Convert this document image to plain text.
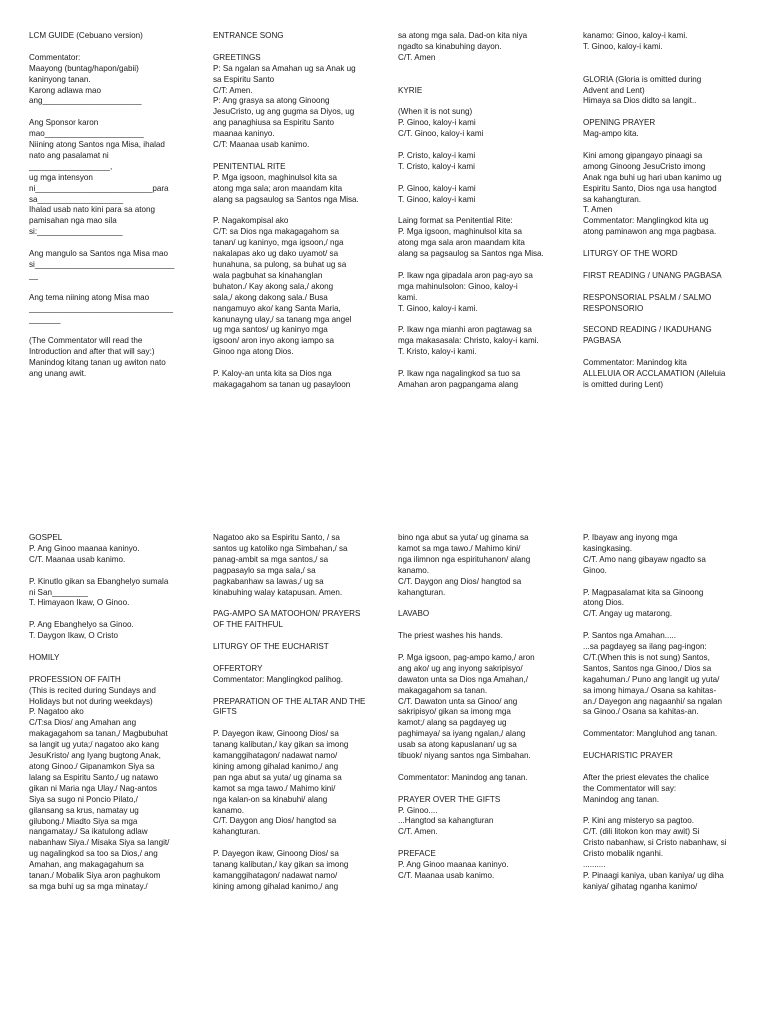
LCM GUIDE (Cebuano version)
Commentator:
Maayong (buntag/hapon/gabii)
kaninyong tanan.
Karong adlawa mao
ang______________________
Ang Sponsor karon
mao______________________
Niining atong Santos nga Misa, ihalad
nato ang pasalamat ni
__________________,
ug mga intensyon
ni__________________________para
sa___________________
Ihalad usab nato kini para sa atong
pamisahan nga mao sila
si:___________________
Ang mangulo sa Santos nga Misa mao
si_______________________________
__
Ang tema niining atong Misa mao
________________________________
_______
(The Commentator will read the
Introduction and after that will say:)
Manindog kitang tanan ug awiton nato
ang unang awit.
ENTRANCE SONG
GREETINGS
P: Sa ngalan sa Amahan ug sa Anak ug
sa Espiritu Santo
C/T: Amen.
P: Ang grasya sa atong Ginoong
JesuCristo, ug ang gugma sa Diyos, ug
ang panaghiusa sa Espiritu Santo
maanaa kaninyo.
C/T: Maanaa usab kanimo.
PENITENTIAL RITE
P. Mga igsoon, maghinulsol kita sa
atong mga sala; aron maandam kita
alang sa pagsaulog sa Santos nga Misa.
P. Nagakompisal ako
C/T: sa Dios nga makagagahom sa
tanan/ ug kaninyo, mga igsoon,/ nga
nakalapas ako ug dako uyamot/ sa
hunahuna, sa pulong, sa buhat ug sa
wala pagbuhat sa kinahanglan
buhaton./ Kay akong sala,/ akong
sala,/ akong dakong sala./ Busa
nangamuyo ako/ kang Santa Maria,
kanunayng ulay,/ sa tanang mga angel
ug mga santos/ ug kaninyo mga
igsoon/ aron inyo akong iampo sa
Ginoo nga atong Dios.
P. Kaloy-an unta kita sa Dios nga
makagagahom sa tanan ug pasayloon
sa atong mga sala. Dad-on kita niya
ngadto sa kinabuhing dayon.
C/T. Amen
KYRIE
(When it is not sung)
P. Ginoo, kaloy-i kami
C/T. Ginoo, kaloy-i kami
P. Cristo, kaloy-i kami
T. Cristo, kaloy-i kami
P. Ginoo, kaloy-i kami
T. Ginoo, kaloy-i kami
Laing format sa Penitential Rite:
P. Mga igsoon, maghinulsol kita sa
atong mga sala aron maandam kita
alang sa pagsaulog sa Santos nga Misa.
P. Ikaw nga gipadala aron pag-ayo sa
mga mahinulsolon: Ginoo, kaloy-i
kami.
T. Ginoo, kaloy-i kami.
P. Ikaw nga mianhi aron pagtawag sa
mga makasasala: Christo, kaloy-i kami.
T. Kristo, kaloy-i kami.
P. Ikaw nga nagalingkod sa tuo sa
Amahan aron pagpangama alang
kanamo: Ginoo, kaloy-i kami.
T. Ginoo, kaloy-i kami.
GLORIA (Gloria is omitted during
Advent and Lent)
Himaya sa Dios didto sa langit..
OPENING PRAYER
Mag-ampo kita.
Kini among gipangayo pinaagi sa
among Ginoong JesuCristo imong
Anak nga buhi ug hari uban kanimo ug
Espiritu Santo, Dios nga usa hangtod
sa kahangturan.
T. Amen
Commentator: Manglingkod kita ug
atong paminawon ang mga pagbasa.
LITURGY OF THE WORD
FIRST READING / UNANG PAGBASA
RESPONSORIAL PSALM / SALMO
RESPONSORIO
SECOND READING / IKADUHANG
PAGBASA
Commentator: Manindog kita
ALLELUIA OR ACCLAMATION (Alleluia
is omitted during Lent)
GOSPEL
P. Ang Ginoo maanaa kaninyo.
C/T. Maanaa usab kanimo.
P. Kinutlo gikan sa Ebanghelyo sumala
ni San________
T. Himayaon Ikaw, O Ginoo.
P. Ang Ebanghelyo sa Ginoo.
T. Daygon Ikaw, O Cristo
HOMILY
PROFESSION OF FAITH
(This is recited during Sundays and
Holidays but not during weekdays)
P. Nagatoo ako
C/T:sa Dios/ ang Amahan ang
makagagahom sa tanan,/ Magbubuhat
sa langit ug yuta;/ nagatoo ako kang
JesuKristo/ ang Iyang bugtong Anak,
atong Ginoo./ Gipanamkon Siya sa
lalang sa Espiritu Santo,/ ug natawo
gikan ni Maria nga Ulay./ Nag-antos
Siya sa sugo ni Poncio Pilato,/
gilansang sa krus, namatay ug
gilubong./ Miadto Siya sa mga
nangamatay./ Sa ikatulong adlaw
nabanhaw Siya./ Misaka Siya sa langit/
ug nagalingkod sa too sa Dios,/ ang
Amahan, ang makagagahum sa
tanan./ Mobalik Siya aron paghukom
sa mga buhi ug sa mga minatay./
Nagatoo ako sa Espiritu Santo, / sa
santos ug katoliko nga Simbahan,/ sa
panag-ambit sa mga santos,/ sa
pagpasaylo sa mga sala,/ sa
pagkabanhaw sa lawas,/ ug sa
kinabuhing walay katapusan. Amen.
PAG-AMPO SA MATOOHON/ PRAYERS
OF THE FAITHFUL
LITURGY OF THE EUCHARIST
OFFERTORY
Commentator: Manglingkod palihog.
PREPARATION OF THE ALTAR AND THE
GIFTS
P. Dayegon ikaw, Ginoong Dios/ sa
tanang kalibutan,/ kay gikan sa imong
kamanggihatagon/ nadawat namo/
kining among gihalad kanimo,/ ang
pan nga abut sa yuta/ ug ginama sa
kamot sa mga tawo./ Mahimo kini/
nga kalan-on sa kinabuhi/ alang
kanamo.
C/T. Daygon ang Dios/ hangtod sa
kahangturan.
P. Dayegon ikaw, Ginoong Dios/ sa
tanang kalibutan,/ kay gikan sa imong
kamanggihatagon/ nadawat namo/
kining among gihalad kanimo,/ ang
bino nga abut sa yuta/ ug ginama sa
kamot sa mga tawo./ Mahimo kini/
nga ilimnon nga espirituhanon/ alang
kanamo.
C/T. Daygon ang Dios/ hangtod sa
kahangturan.
LAVABO
The priest washes his hands.
P. Mga igsoon, pag-ampo kamo,/ aron
ang ako/ ug ang inyong sakripisyo/
dawaton unta sa Dios nga Amahan,/
makagagahom sa tanan.
C/T. Dawaton unta sa Ginoo/ ang
sakripisyo/ gikan sa imong mga
kamot;/ alang sa pagdayeg ug
paghimaya/ sa iyang ngalan,/ alang
usab sa atong kapuslanan/ ug sa
tibuok/ niyang santos nga Simbahan.
Commentator: Manindog ang tanan.
PRAYER OVER THE GIFTS
P. Ginoo....
...Hangtod sa kahangturan
C/T. Amen.
PREFACE
P. Ang Ginoo maanaa kaninyo.
C/T. Maanaa usab kanimo.
P. Ibayaw ang inyong mga
kasingkasing.
C/T. Amo nang gibayaw ngadto sa
Ginoo.
P. Magpasalamat kita sa Ginoong
atong Dios.
C/T. Angay ug matarong.
P. Santos nga Amahan.....
...sa pagdayeg sa ilang pag-ingon:
C/T.(When this is not sung) Santos,
Santos, Santos nga Ginoo,/ Dios sa
kagahuman./ Puno ang langit ug yuta/
sa imong himaya./ Osana sa kahitas-
an./ Dayegon ang nagaanhi/ sa ngalan
sa Ginoo./ Osana sa kahitas-an.
Commentator: Mangluhod ang tanan.
EUCHARISTIC PRAYER
After the priest elevates the chalice
the Commentator will say:
Manindog ang tanan.
P. Kini ang misteryo sa pagtoo.
C/T. (dili litokon kon may awit) Si
Cristo nabanhaw, si Cristo nabanhaw, si
Cristo mobalik nganhi.
..........
P. Pinaagi kaniya, uban kaniya/ ug diha
kaniya/ gihatag nganha kanimo/
